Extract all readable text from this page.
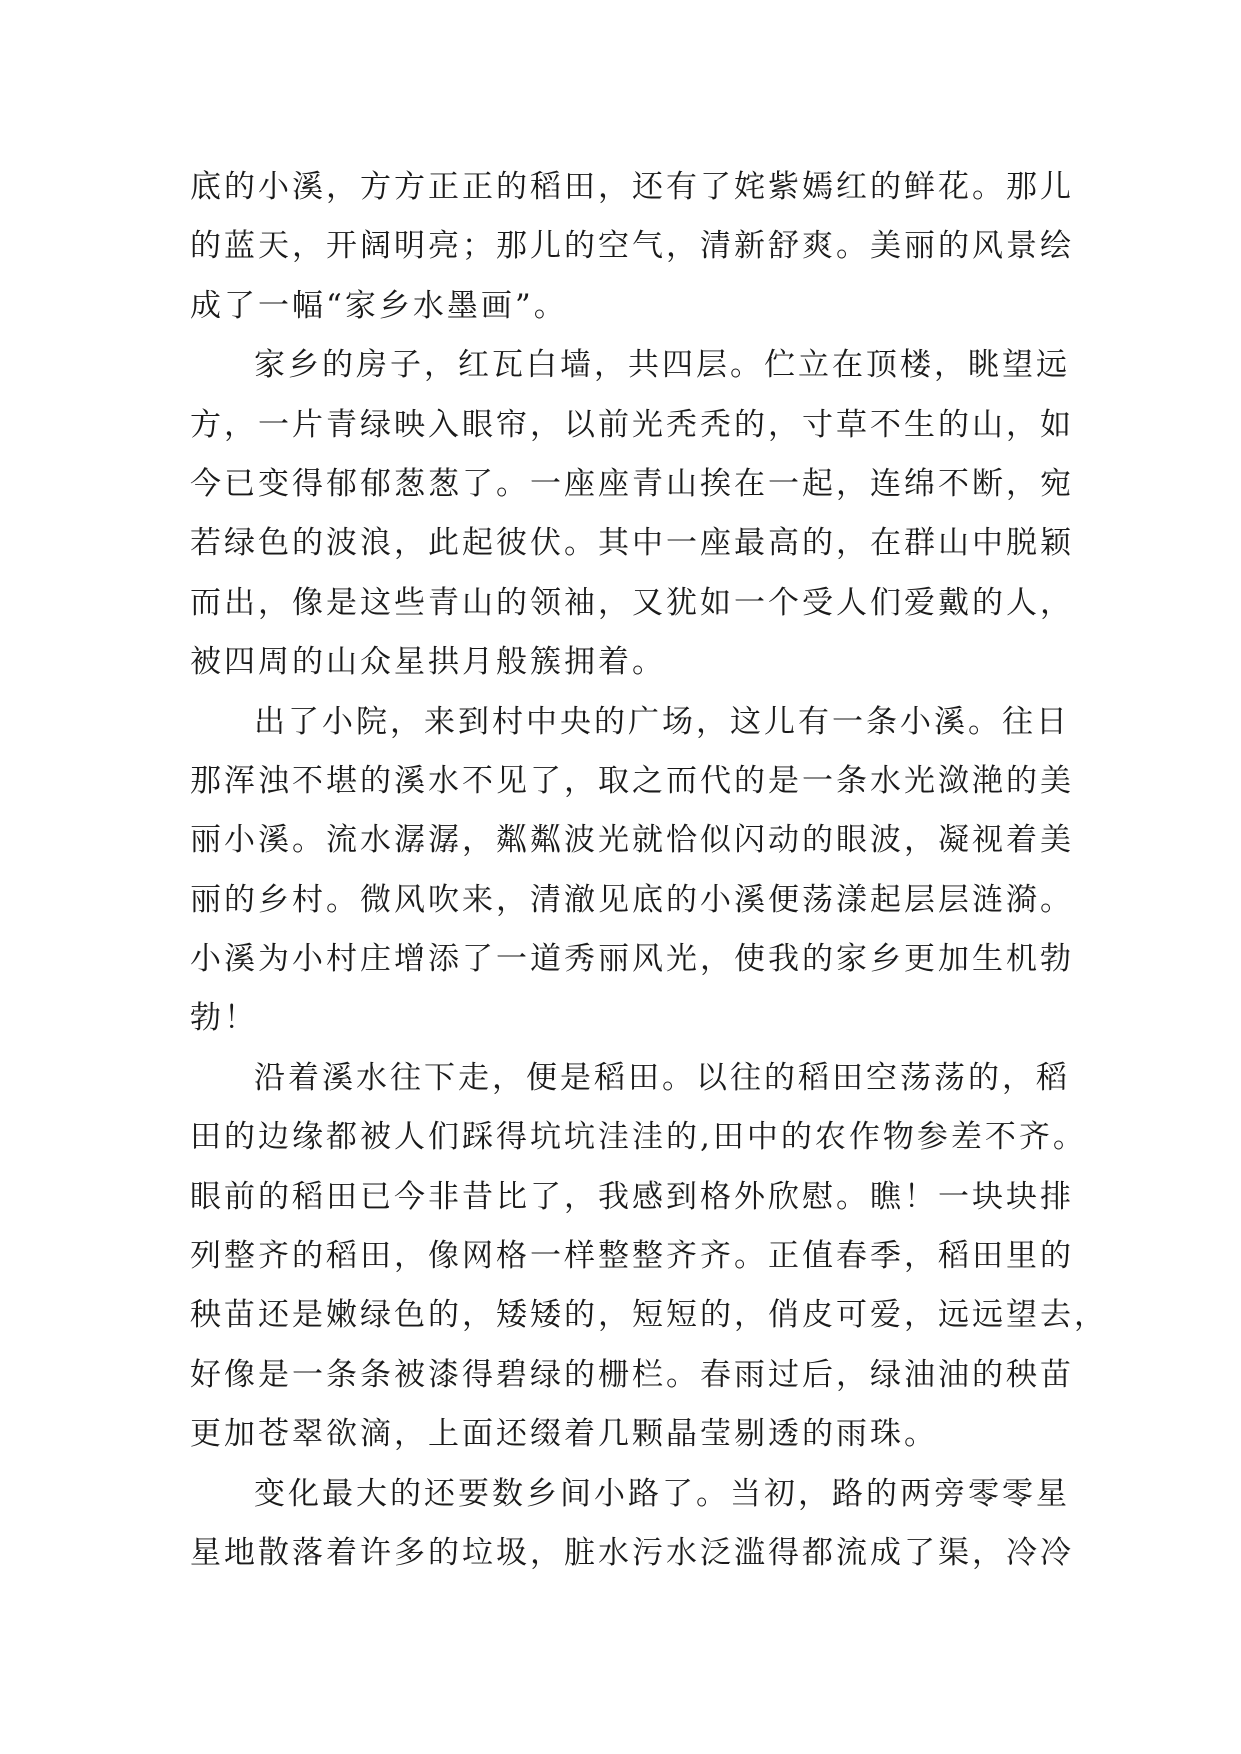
底的小溪，方方正正的稻田，还有了姹紫嫣红的鲜花。那儿
的蓝天，开阔明亮；那儿的空气，清新舒爽。美丽的风景绘
成了一幅“家乡水墨画”。
家乡的房子，红瓦白墙，共四层。伫立在顶楼，眺望远
方，一片青绿映入眼帘，以前光秃秃的，寸草不生的山，如
今已变得郁郁葱葱了。一座座青山挨在一起，连绵不断，宛
若绿色的波浪，此起彼伏。其中一座最高的，在群山中脱颖
而出，像是这些青山的领袖，又犹如一个受人们爱戴的人，
被四周的山众星拱月般簇拥着。
出了小院，来到村中央的广场，这儿有一条小溪。往日
那浑浊不堪的溪水不见了，取之而代的是一条水光潋滟的美
丽小溪。流水潺潺，粼粼波光就恰似闪动的眼波，凝视着美
丽的乡村。微风吹来，清澈见底的小溪便荡漾起层层涟漪。
小溪为小村庄增添了一道秀丽风光，使我的家乡更加生机勃
勃！
沿着溪水往下走，便是稻田。以往的稻田空荡荡的，稻
田的边缘都被人们踩得坑坑洼洼的,田中的农作物参差不齐。
眼前的稻田已今非昔比了，我感到格外欣慰。瞧！一块块排
列整齐的稻田，像网格一样整整齐齐。正值春季，稻田里的
秧苗还是嫩绿色的，矮矮的，短短的，俏皮可爱，远远望去，
好像是一条条被漆得碧绿的栅栏。春雨过后，绿油油的秧苗
更加苍翠欲滴，上面还缀着几颗晶莹剔透的雨珠。
变化最大的还要数乡间小路了。当初，路的两旁零零星
星地散落着许多的垃圾，脏水污水泛滥得都流成了渠，冷冷
